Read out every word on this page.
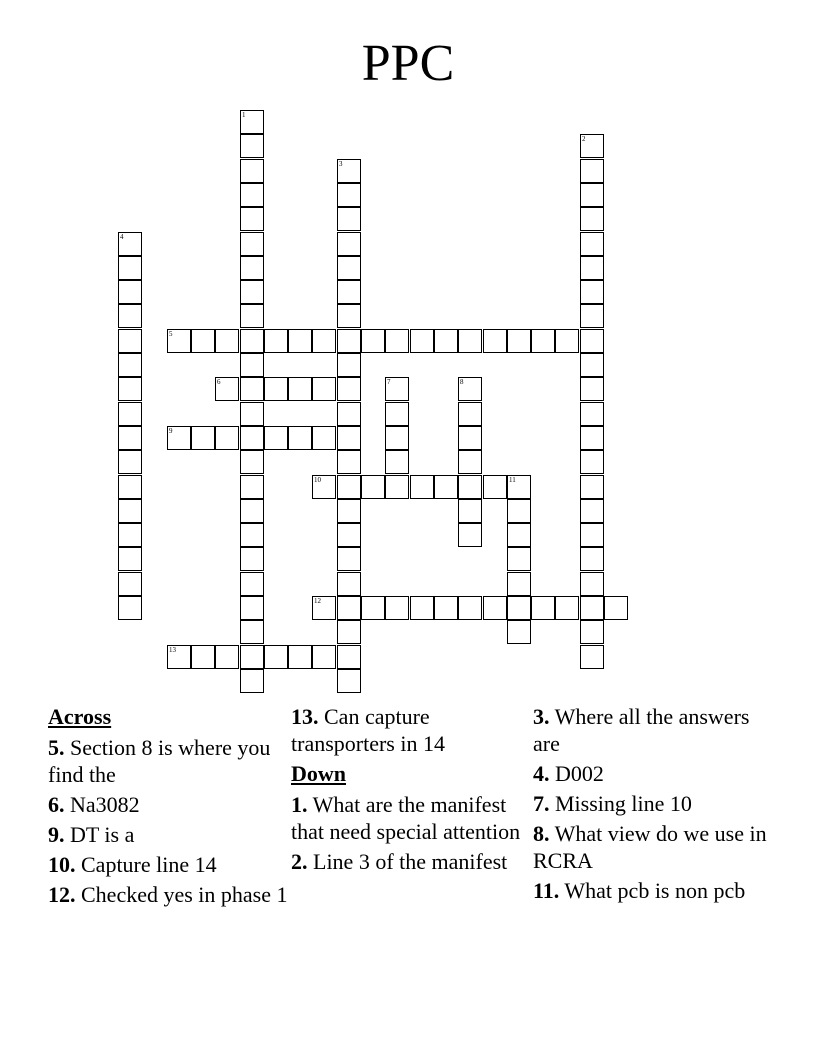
PPC
1
2
3
4
5
6	7	8
9
10	11
12
13
Across
5. Section 8 is where you find the
6. Na3082
9. DT is a
10. Capture line 14
12. Checked yes in phase 1
13. Can capture transporters in 14
Down
1. What are the manifest that need special attention
2. Line 3 of the manifest
3. Where all the answers are
4. D002
7. Missing line 10
8. What view do we use in RCRA
11. What pcb is non pcb
